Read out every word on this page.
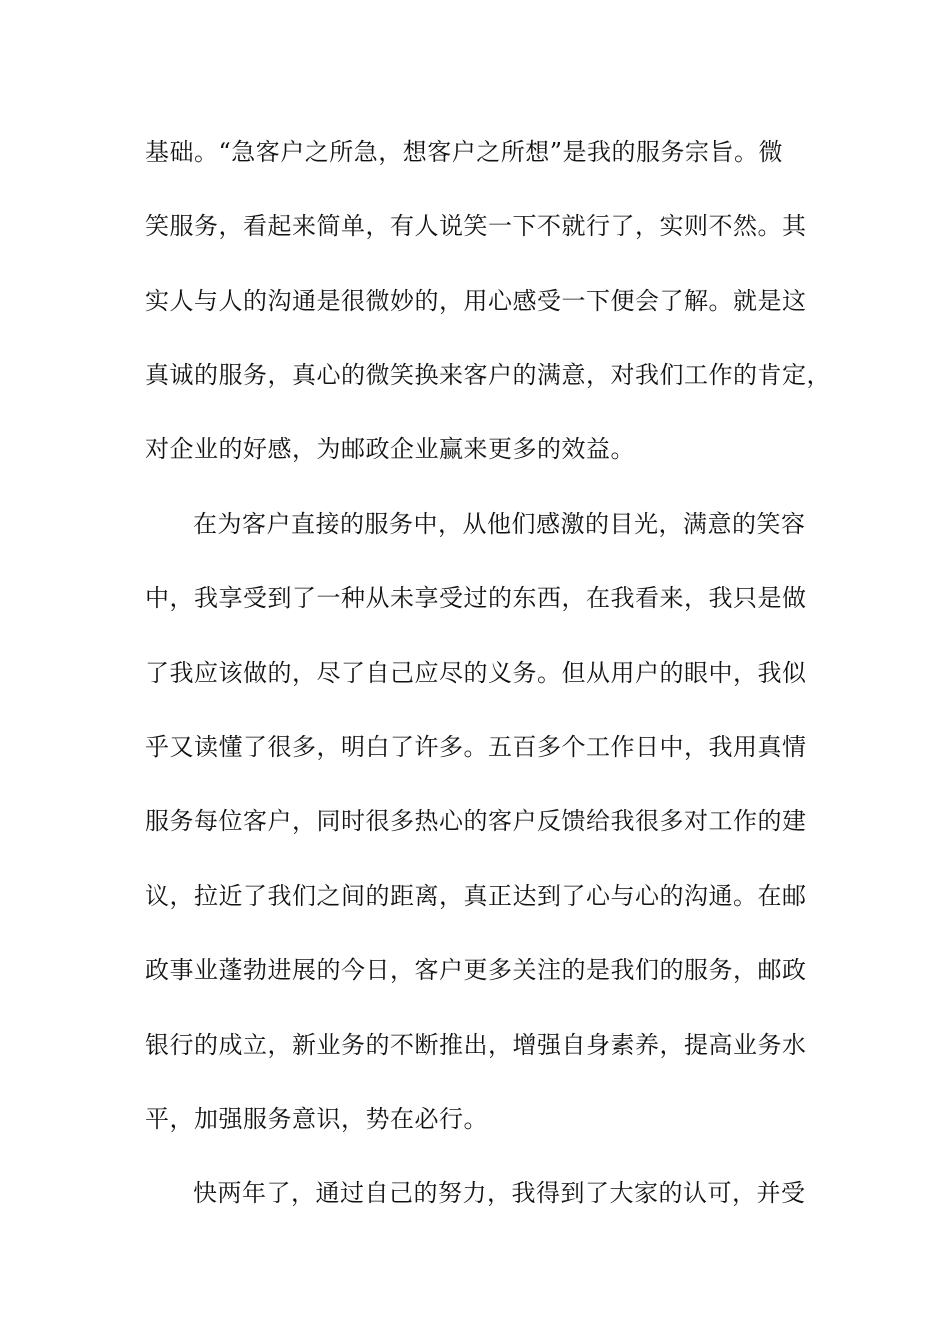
基础。“急客户之所急，想客户之所想”是我的服务宗旨。微

笑服务，看起来简单，有人说笑一下不就行了，实则不然。其

实人与人的沟通是很微妙的，用心感受一下便会了解。就是这

真诚的服务，真心的微笑换来客户的满意，对我们工作的肯定，

对企业的好感，为邮政企业赢来更多的效益。

在为客户直接的服务中，从他们感激的目光，满意的笑容

中，我享受到了一种从未享受过的东西，在我看来，我只是做

了我应该做的，尽了自己应尽的义务。但从用户的眼中，我似

乎又读懂了很多，明白了许多。五百多个工作日中，我用真情

服务每位客户，同时很多热心的客户反馈给我很多对工作的建

议，拉近了我们之间的距离，真正达到了心与心的沟通。在邮

政事业蓬勃进展的今日，客户更多关注的是我们的服务，邮政

银行的成立，新业务的不断推出，增强自身素养，提高业务水

平，加强服务意识，势在必行。

快两年了，通过自己的努力，我得到了大家的认可，并受
